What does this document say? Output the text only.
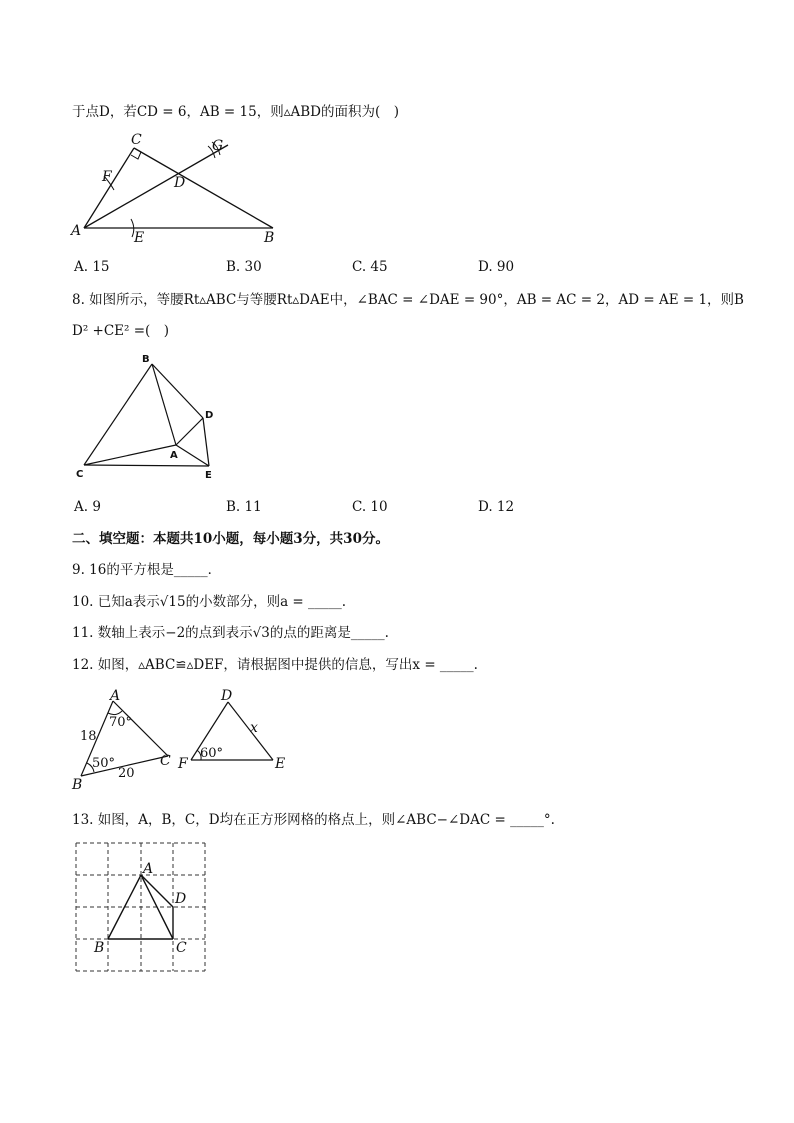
于点D，若CD = 6，AB = 15，则▵ABD的面积为(　)
C
F	D
G
A	E	B
A. 15	B. 30	C. 45	D. 90
8. 如图所示，等腰Rt▵ABC与等腰Rt▵DAE中，∠BAC = ∠DAE = 90°，AB = AC = 2，AD = AE = 1，则B
D² +CE² =(　)
B
D
A
C	E
A. 9	B. 11	C. 10	D. 12
二、填空题：本题共10小题，每小题3分，共30分。
9. 16的平方根是_____．
10. 已知a表示√15的小数部分，则a = _____.
11. 数轴上表示−2的点到表示√3的点的距离是_____.
12. 如图，▵ABC≌▵DEF，请根据图中提供的信息，写出x = _____.
A
70°
18
50°
20
B
C
D
x
60°
F	E
13. 如图，A，B，C，D均在正方形网格的格点上，则∠ABC−∠DAC = _____°.
A
D
B	C
